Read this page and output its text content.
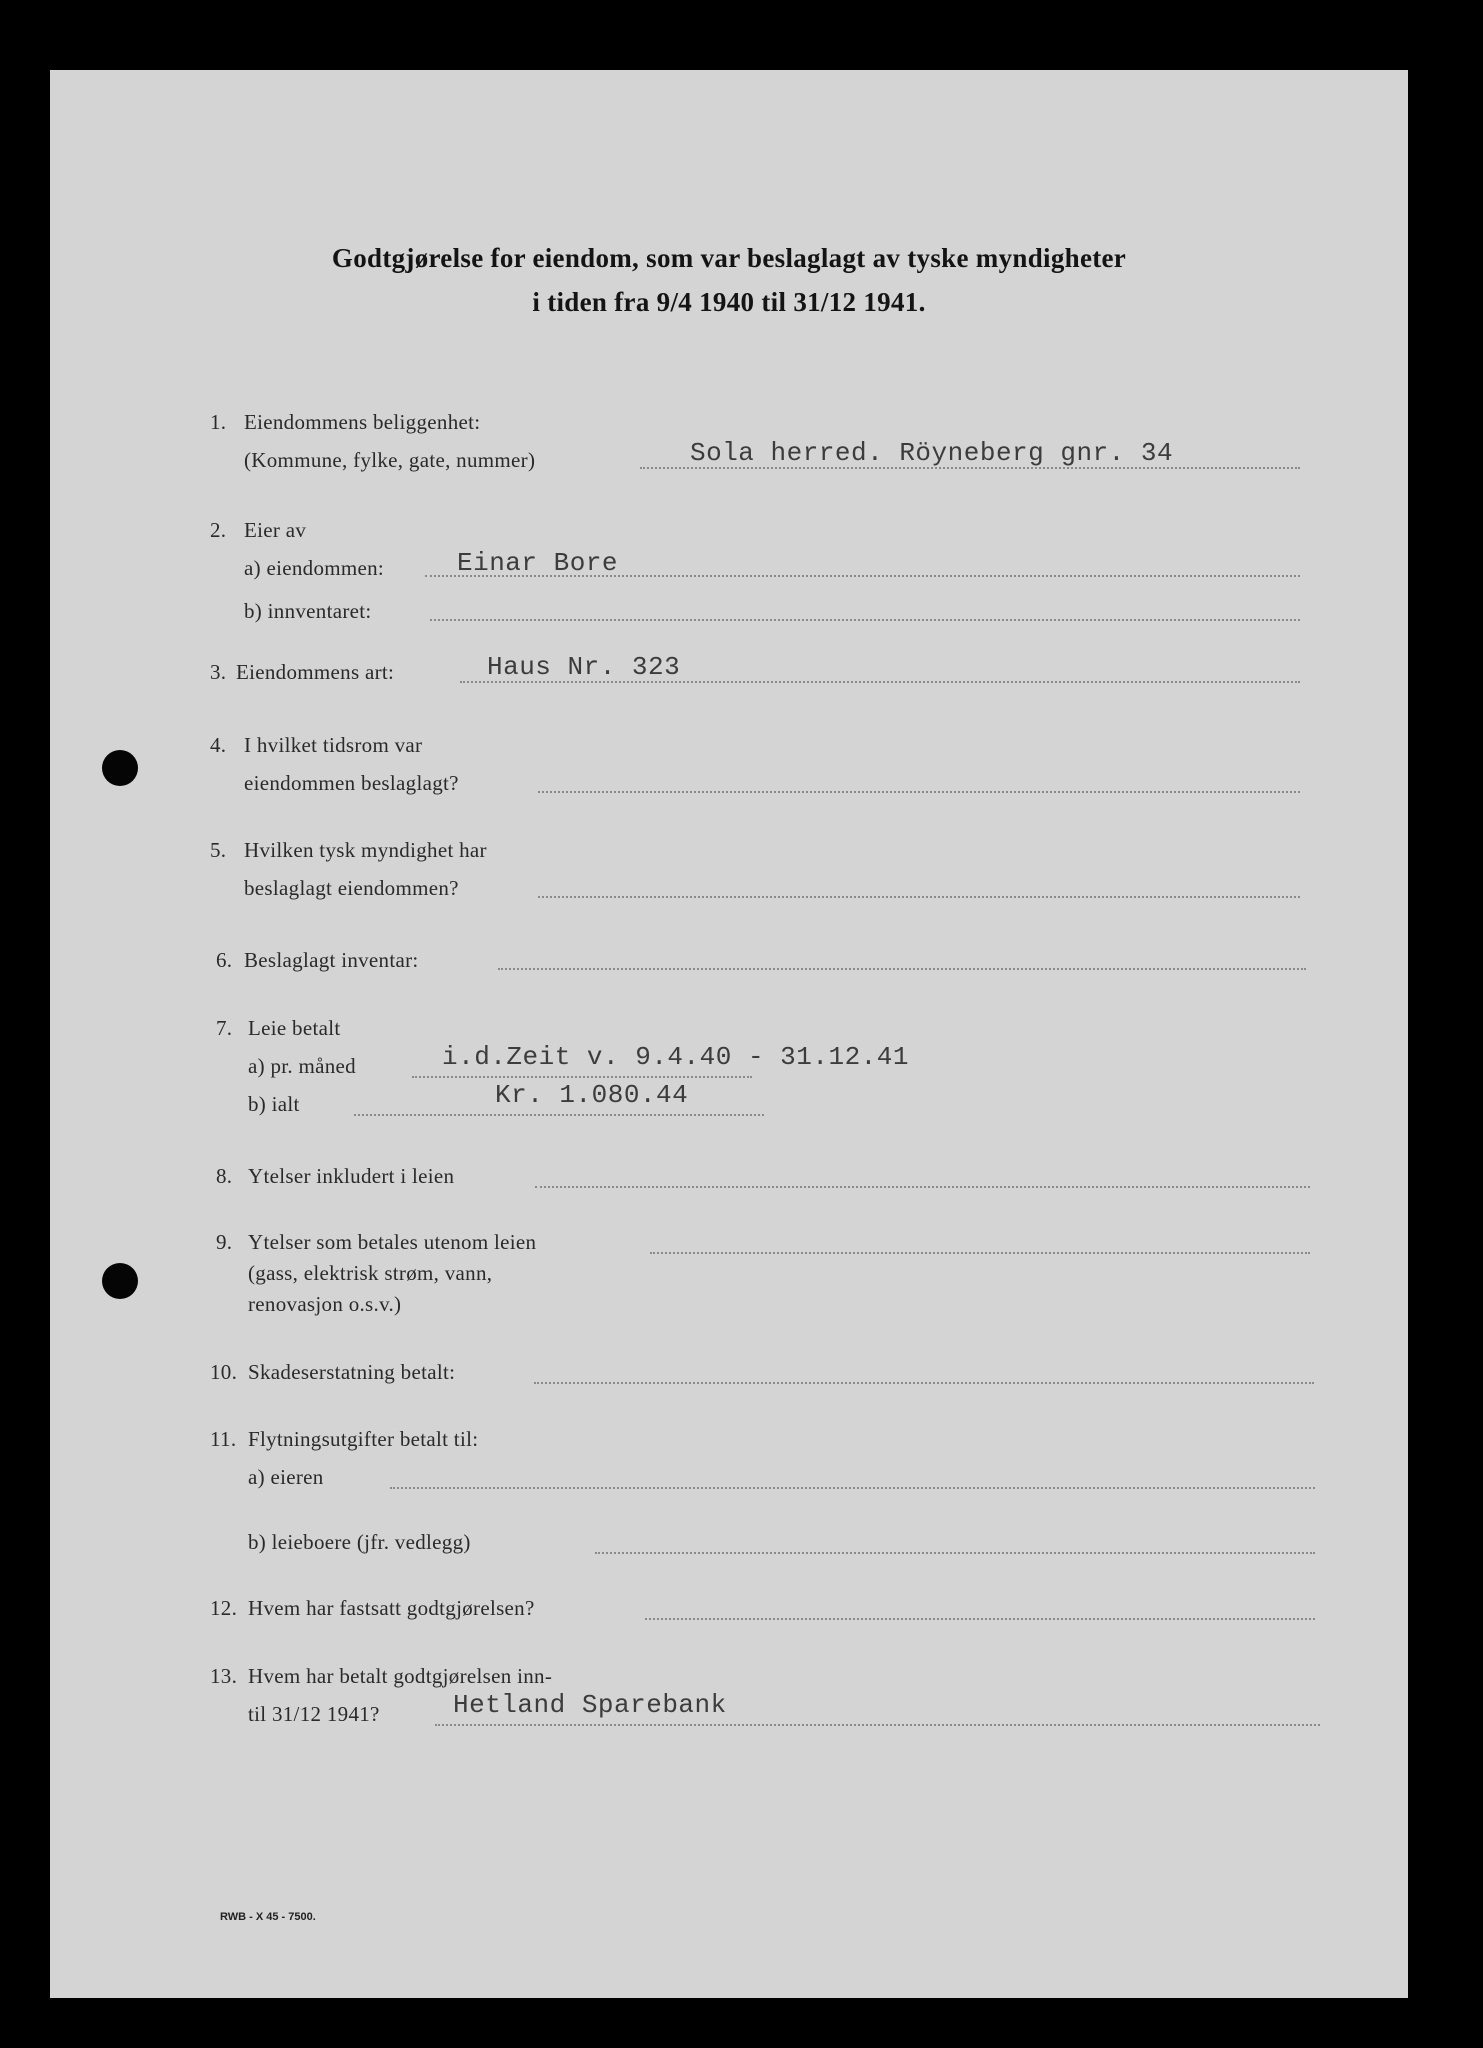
Godtgjørelse for eiendom, som var beslaglagt av tyske myndigheter
i tiden fra 9/4 1940 til 31/12 1941.
1. Eiendommens beliggenhet:
(Kommune, fylke, gate, nummer)	Sola herred. Röyneberg gnr. 34
2. Eier av
a) eiendommen:	Einar Bore
b) innventaret:
3. Eiendommens art:	Haus Nr. 323
4. I hvilket tidsrom var
eiendommen beslaglagt?
5. Hvilken tysk myndighet har
beslaglagt eiendommen?
6. Beslaglagt inventar:
7. Leie betalt
a) pr. måned	i.d.Zeit v. 9.4.40 - 31.12.41
b) ialt	Kr. 1.080.44
8. Ytelser inkludert i leien
9. Ytelser som betales utenom leien
(gass, elektrisk strøm, vann,
renovasjon o.s.v.)
10. Skadeserstatning betalt:
11. Flytningsutgifter betalt til:
a) eieren
b) leieboere (jfr. vedlegg)
12. Hvem har fastsatt godtgjørelsen?
13. Hvem har betalt godtgjørelsen inn-
til 31/12 1941?	Hetland Sparebank
RWB - X 45 - 7500.
